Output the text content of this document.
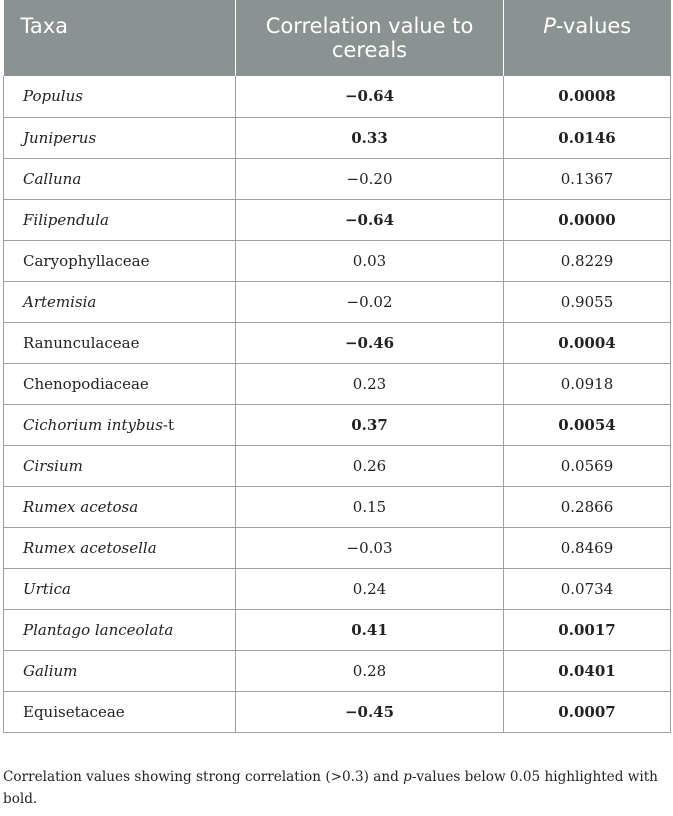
Taxa	Correlation value to cereals	P-values
Populus	−0.64	0.0008
Juniperus	0.33	0.0146
Calluna	−0.20	0.1367
Filipendula	−0.64	0.0000
Caryophyllaceae	0.03	0.8229
Artemisia	−0.02	0.9055
Ranunculaceae	−0.46	0.0004
Chenopodiaceae	0.23	0.0918
Cichorium intybus-t	0.37	0.0054
Cirsium	0.26	0.0569
Rumex acetosa	0.15	0.2866
Rumex acetosella	−0.03	0.8469
Urtica	0.24	0.0734
Plantago lanceolata	0.41	0.0017
Galium	0.28	0.0401
Equisetaceae	−0.45	0.0007
Correlation values showing strong correlation (>0.3) and p-values below 0.05 highlighted with bold.
